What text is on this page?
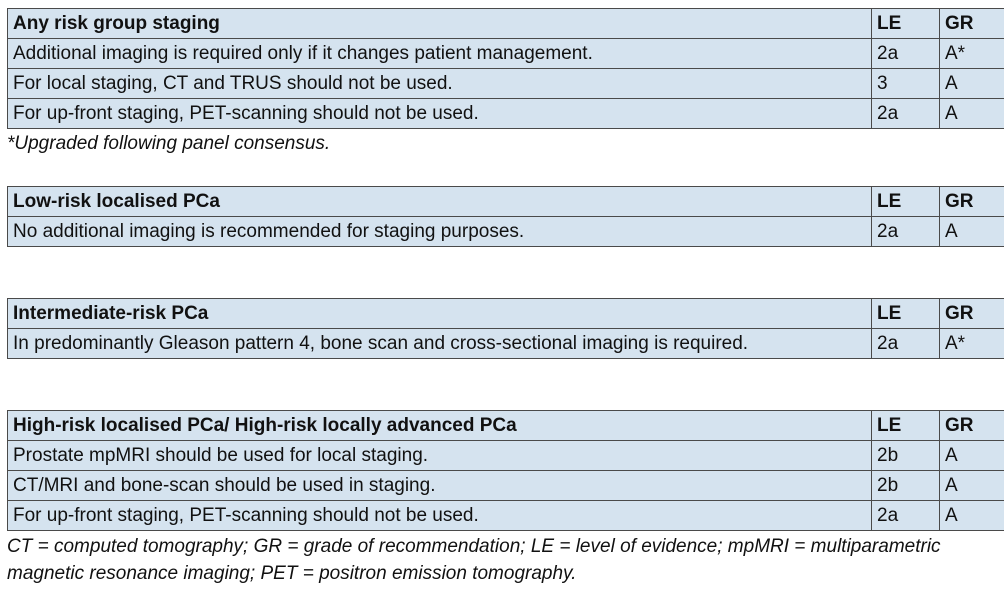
Any risk group staging	LE	GR
Additional imaging is required only if it changes patient management.	2a	A*
For local staging, CT and TRUS should not be used.	3	A
For up-front staging, PET-scanning should not be used.	2a	A
*Upgraded following panel consensus.
Low-risk localised PCa	LE	GR
No additional imaging is recommended for staging purposes.	2a	A
Intermediate-risk PCa	LE	GR
In predominantly Gleason pattern 4, bone scan and cross-sectional imaging is required.	2a	A*
High-risk localised PCa/ High-risk locally advanced PCa	LE	GR
Prostate mpMRI should be used for local staging.	2b	A
CT/MRI and bone-scan should be used in staging.	2b	A
For up-front staging, PET-scanning should not be used.	2a	A
CT = computed tomography; GR = grade of recommendation; LE = level of evidence; mpMRI = multiparametric
magnetic resonance imaging; PET = positron emission tomography.
